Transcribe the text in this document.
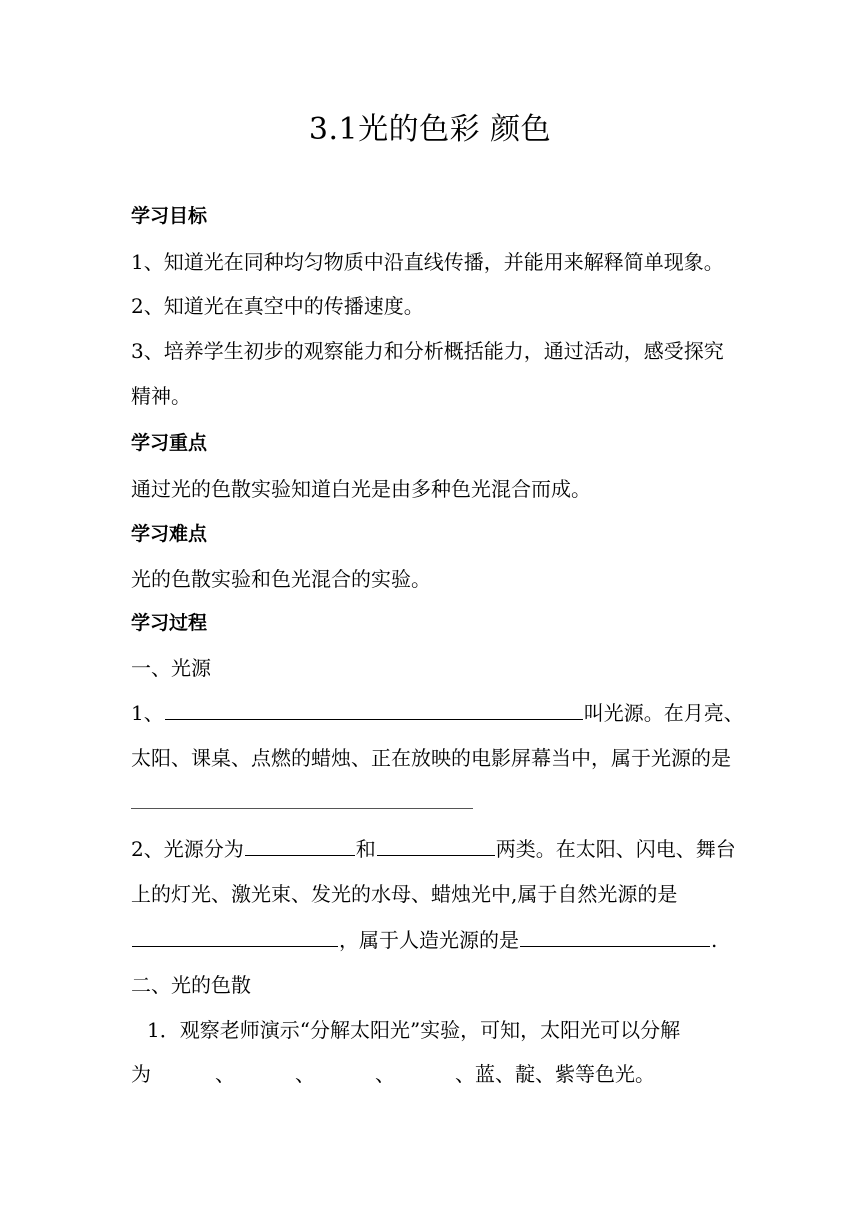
3.1光的色彩 颜色
学习目标
1、知道光在同种均匀物质中沿直线传播，并能用来解释简单现象。
2、知道光在真空中的传播速度。
3、培养学生初步的观察能力和分析概括能力，通过活动，感受探究
精神。
学习重点
通过光的色散实验知道白光是由多种色光混合而成。
学习难点
光的色散实验和色光混合的实验。
学习过程
一、光源
1、	叫光源。在月亮、
太阳、课桌、点燃的蜡烛、正在放映的电影屏幕当中，属于光源的是
2、光源分为	和	两类。在太阳、闪电、舞台
上的灯光、激光束、发光的水母、蜡烛光中,属于自然光源的是
，属于人造光源的是	.
二、光的色散
1．观察老师演示“分解太阳光”实验，可知，太阳光可以分解
为	、	、	、	、蓝、靛、紫等色光。
